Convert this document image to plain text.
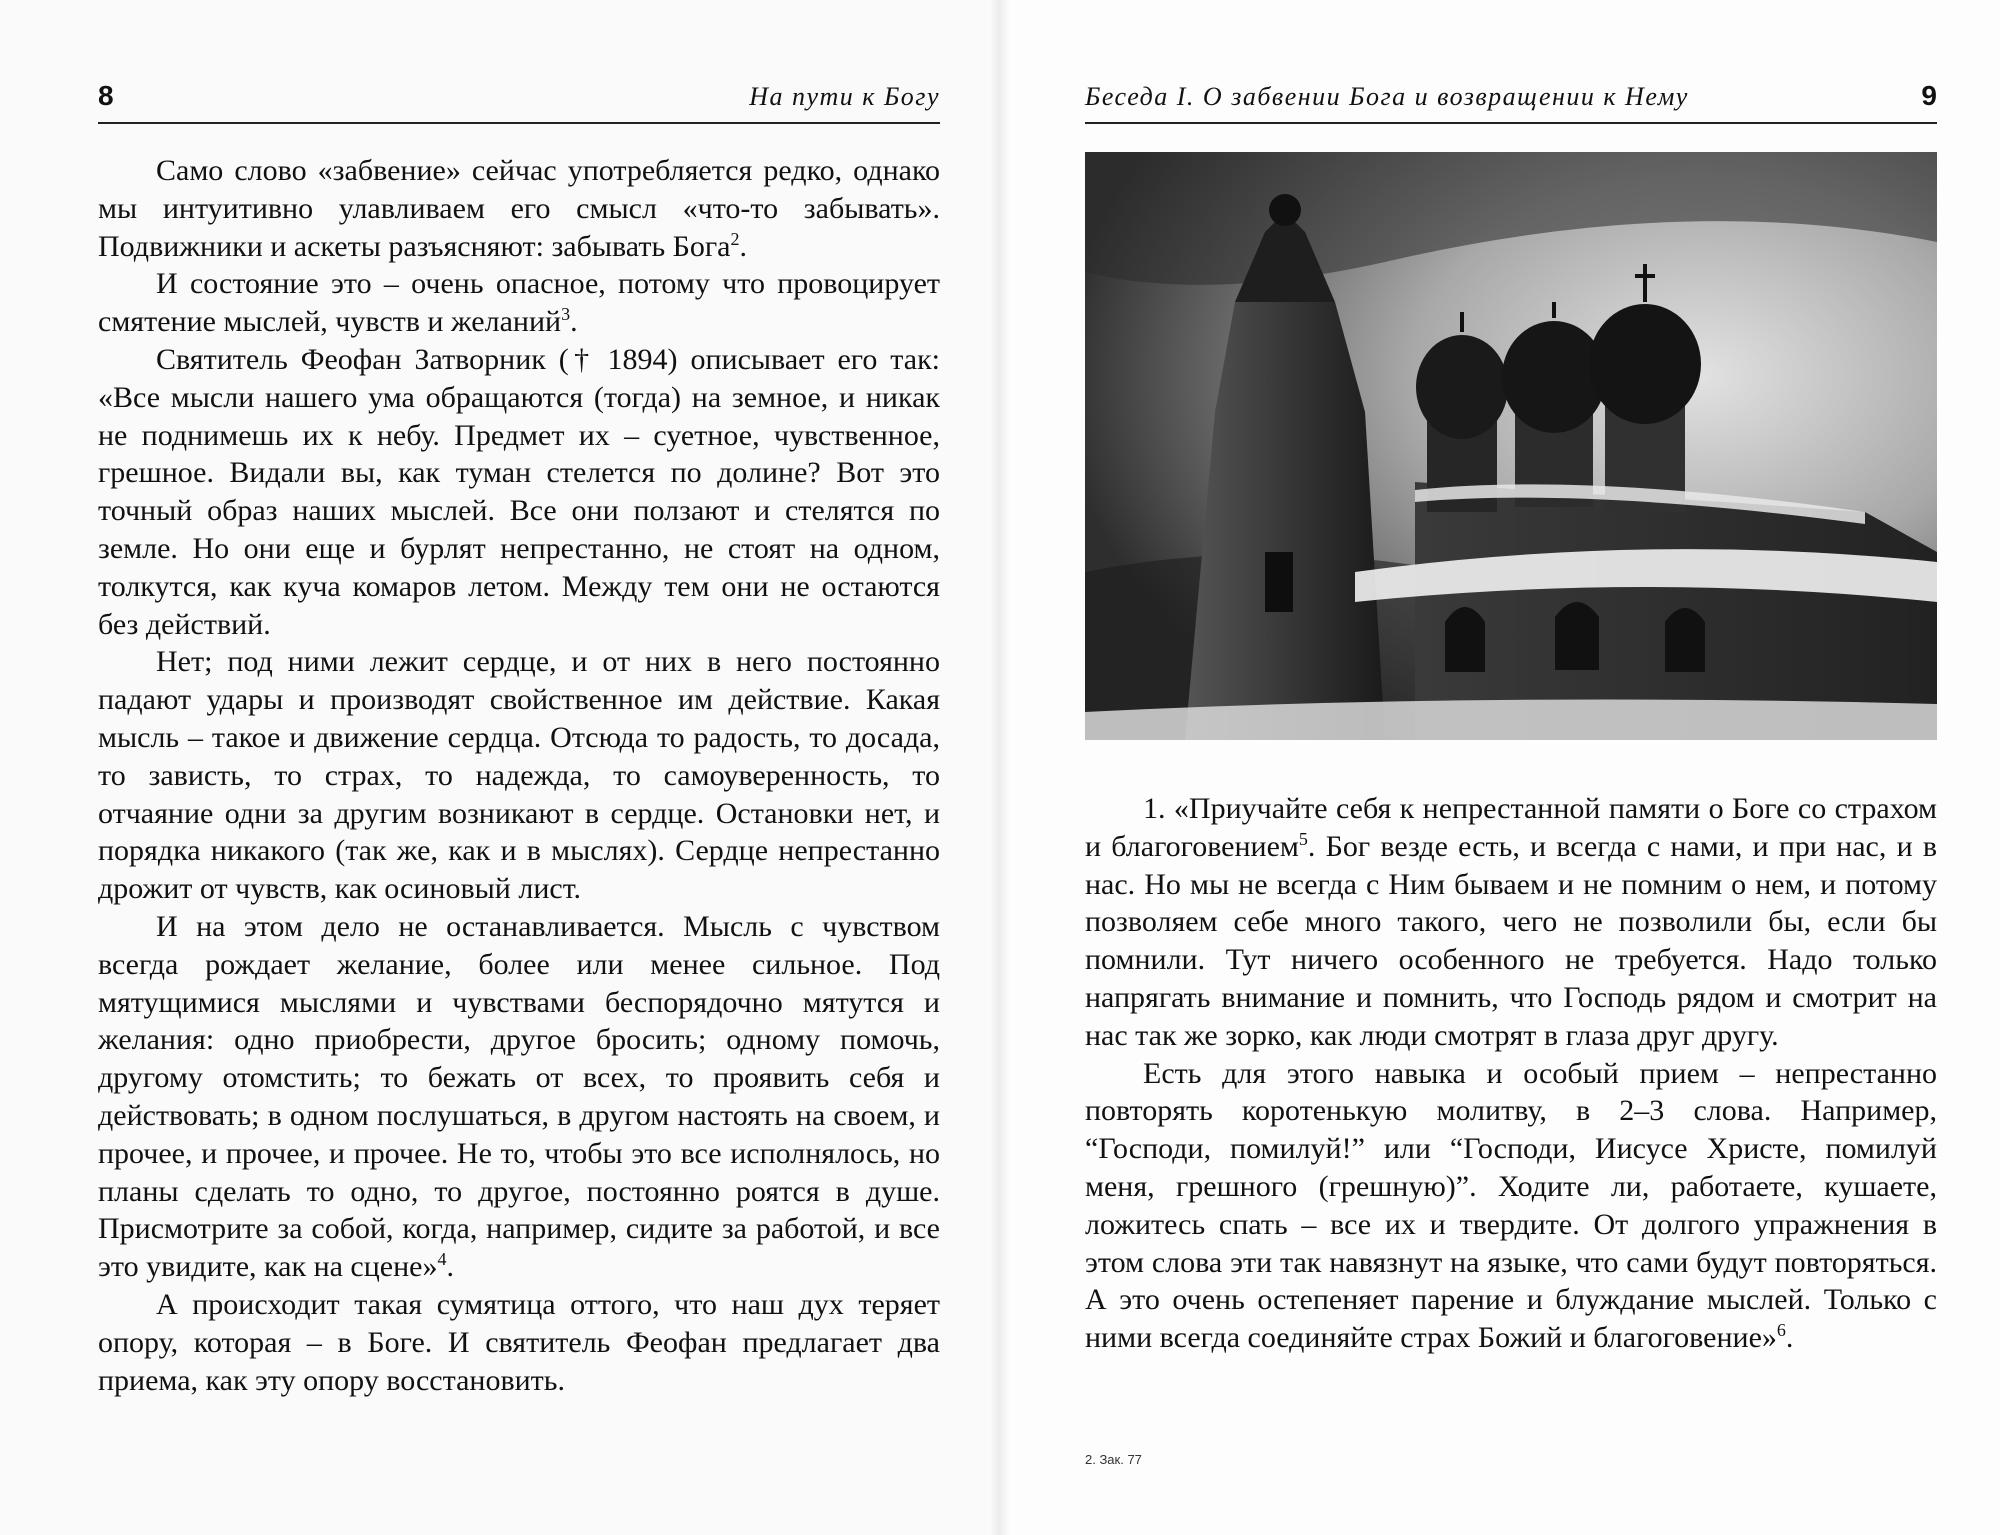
8	На пути к Богу	Беседа I. О забвении Бога и возвращении к Нему	9

Само слово «забвение» сейчас употребляется редко, однако мы интуитивно улавливаем его смысл «что-то забывать». Подвижники и аскеты разъясняют: забывать Бога$^2$.

И состояние это – очень опасное, потому что провоцирует смятение мыслей, чувств и желаний$^3$.

Святитель Феофан Затворник († 1894) описывает его так: «Все мысли нашего ума обращаются (тогда) на земное, и никак не поднимешь их к небу. Предмет их – суетное, чувственное, грешное. Видали вы, как туман стелется по долине? Вот это точный образ наших мыслей. Все они ползают и стелятся по земле. Но они еще и бурлят непрестанно, не стоят на одном, толкутся, как куча комаров летом. Между тем они не остаются без действий.

Нет; под ними лежит сердце, и от них в него постоянно падают удары и производят свойственное им действие. Какая мысль – такое и движение сердца. Отсюда то радость, то досада, то зависть, то страх, то надежда, то самоуверенность, то отчаяние одни за другим возникают в сердце. Остановки нет, и порядка никакого (так же, как и в мыслях). Сердце непрестанно дрожит от чувств, как осиновый лист.

И на этом дело не останавливается. Мысль с чувством всегда рождает желание, более или менее сильное. Под мятущимися мыслями и чувствами беспорядочно мятутся и желания: одно приобрести, другое бросить; одному помочь, другому отомстить; то бежать от всех, то проявить себя и действовать; в одном послушаться, в другом настоять на своем, и прочее, и прочее, и прочее. Не то, чтобы это все исполнялось, но планы сделать то одно, то другое, постоянно роятся в душе. Присмотрите за собой, когда, например, сидите за работой, и все это увидите, как на сцене»$^4$.

А происходит такая сумятица оттого, что наш дух теряет опору, которая – в Боге. И святитель Феофан предлагает два приема, как эту опору восстановить.

1. «Приучайте себя к непрестанной памяти о Боге со страхом и благоговением$^5$. Бог везде есть, и всегда с нами, и при нас, и в нас. Но мы не всегда с Ним бываем и не помним о нем, и потому позволяем себе много такого, чего не позволили бы, если бы помнили. Тут ничего особенного не требуется. Надо только напрягать внимание и помнить, что Господь рядом и смотрит на нас так же зорко, как люди смотрят в глаза друг другу.

Есть для этого навыка и особый прием – непрестанно повторять коротенькую молитву, в 2–3 слова. Например, “Господи, помилуй!” или “Господи, Иисусе Христе, помилуй меня, грешного (грешную)”. Ходите ли, работаете, кушаете, ложитесь спать – все их и твердите. От долгого упражнения в этом слова эти так навязнут на языке, что сами будут повторяться. А это очень остепеняет парение и блуждание мыслей. Только с ними всегда соединяйте страх Божий и благоговение»$^6$.

2. Зак. 77
